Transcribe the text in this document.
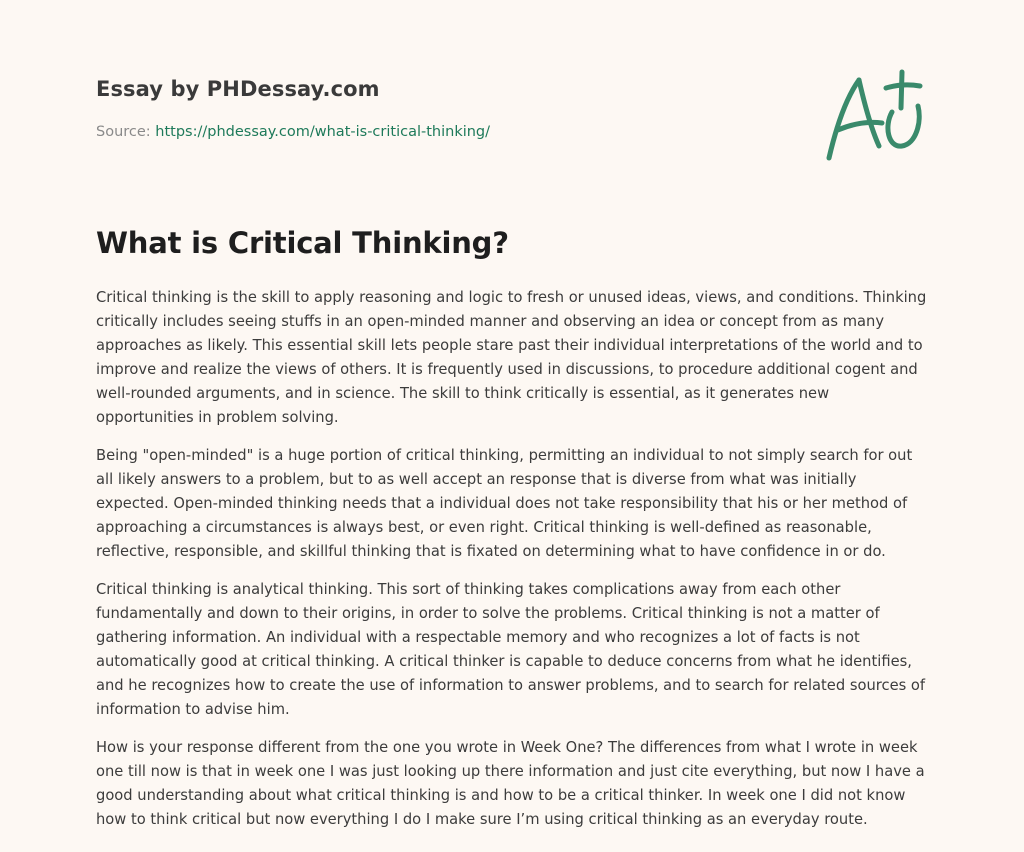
Essay by PHDessay.com
Source: https://phdessay.com/what-is-critical-thinking/
What is Critical Thinking?

Critical thinking is the skill to apply reasoning and logic to fresh or unused ideas, views, and conditions. Thinking critically includes seeing stuffs in an open-minded manner and observing an idea or concept from as many approaches as likely. This essential skill lets people stare past their individual interpretations of the world and to improve and realize the views of others. It is frequently used in discussions, to procedure additional cogent and well-rounded arguments, and in science. The skill to think critically is essential, as it generates new opportunities in problem solving.

Being "open-minded" is a huge portion of critical thinking, permitting an individual to not simply search for out all likely answers to a problem, but to as well accept an response that is diverse from what was initially expected. Open-minded thinking needs that a individual does not take responsibility that his or her method of approaching a circumstances is always best, or even right. Critical thinking is well-defined as reasonable, reflective, responsible, and skillful thinking that is fixated on determining what to have confidence in or do.

Critical thinking is analytical thinking. This sort of thinking takes complications away from each other fundamentally and down to their origins, in order to solve the problems. Critical thinking is not a matter of gathering information. An individual with a respectable memory and who recognizes a lot of facts is not automatically good at critical thinking. A critical thinker is capable to deduce concerns from what he identifies, and he recognizes how to create the use of information to answer problems, and to search for related sources of information to advise him.

How is your response different from the one you wrote in Week One? The differences from what I wrote in week one till now is that in week one I was just looking up there information and just cite everything, but now I have a good understanding about what critical thinking is and how to be a critical thinker. In week one I did not know how to think critical but now everything I do I make sure I’m using critical thinking as an everyday route.
